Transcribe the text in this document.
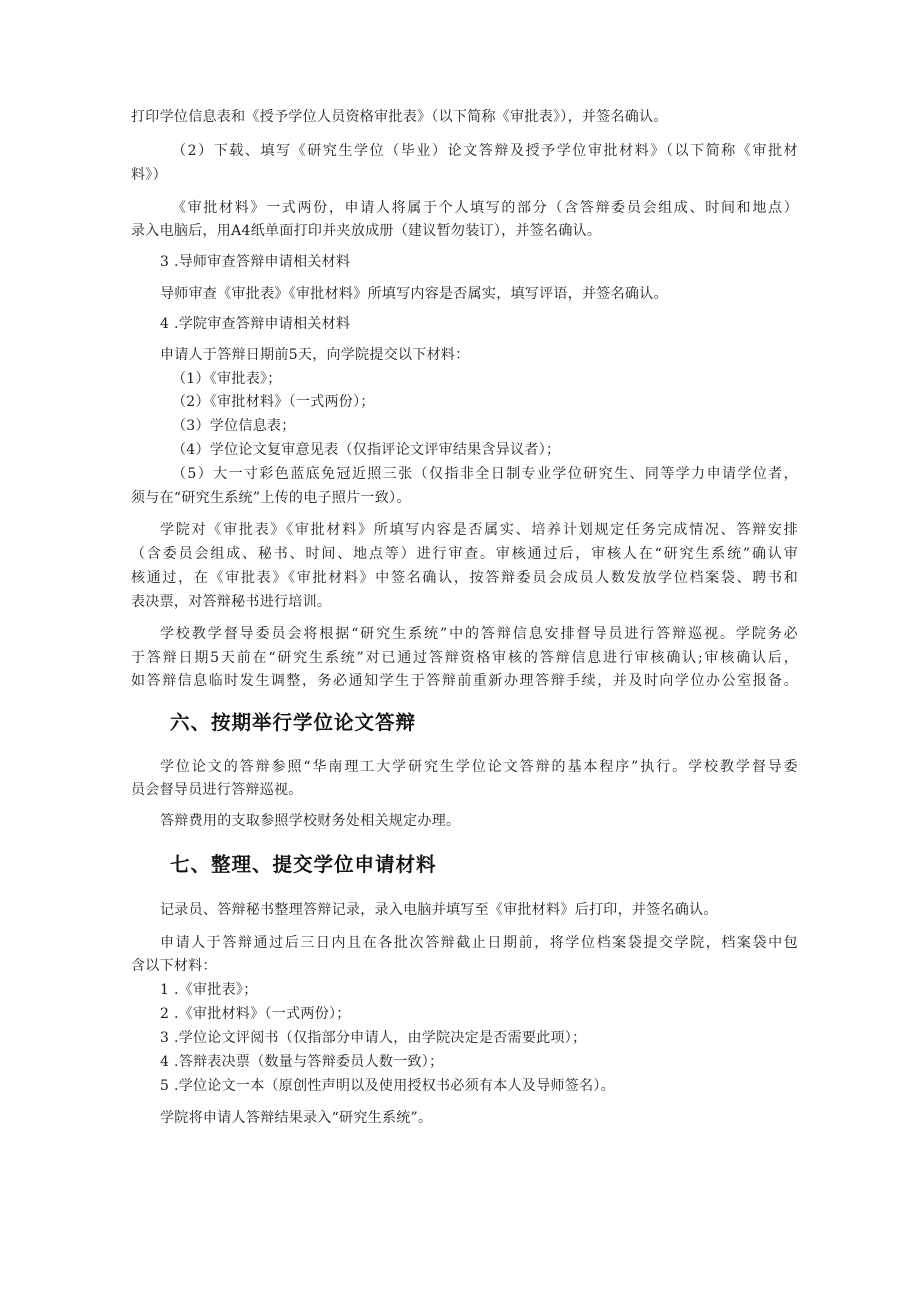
打印学位信息表和《授予学位人员资格审批表》（以下简称《审批表》），并签名确认。

（2）下载、填写《研究生学位（毕业）论文答辩及授予学位审批材料》（以下简称《审批材

料》）

《审批材料》一式两份，申请人将属于个人填写的部分（含答辩委员会组成、时间和地点）

录入电脑后，用A4纸单面打印并夹放成册（建议暂勿装订），并签名确认。

3 .导师审查答辩申请相关材料

导师审查《审批表》《审批材料》所填写内容是否属实，填写评语，并签名确认。

4 .学院审查答辩申请相关材料

申请人于答辩日期前5天，向学院提交以下材料：

（1）《审批表》；

（2）《审批材料》（一式两份）；

（3）学位信息表；

（4）学位论文复审意见表（仅指评论文评审结果含异议者）；

（5）大一寸彩色蓝底免冠近照三张（仅指非全日制专业学位研究生、同等学力申请学位者，

须与在“研究生系统”上传的电子照片一致）。

学院对《审批表》《审批材料》所填写内容是否属实、培养计划规定任务完成情况、答辩安排

（含委员会组成、秘书、时间、地点等）进行审查。审核通过后，审核人在“研究生系统”确认审

核通过，在《审批表》《审批材料》中签名确认，按答辩委员会成员人数发放学位档案袋、聘书和

表决票，对答辩秘书进行培训。

学校教学督导委员会将根据“研究生系统”中的答辩信息安排督导员进行答辩巡视。学院务必

于答辩日期5天前在“研究生系统”对已通过答辩资格审核的答辩信息进行审核确认;审核确认后，

如答辩信息临时发生调整，务必通知学生于答辩前重新办理答辩手续，并及时向学位办公室报备。

六、按期举行学位论文答辩

学位论文的答辩参照“华南理工大学研究生学位论文答辩的基本程序”执行。学校教学督导委

员会督导员进行答辩巡视。

答辩费用的支取参照学校财务处相关规定办理。

七、整理、提交学位申请材料

记录员、答辩秘书整理答辩记录，录入电脑并填写至《审批材料》后打印，并签名确认。

申请人于答辩通过后三日内且在各批次答辩截止日期前，将学位档案袋提交学院，档案袋中包

含以下材料：

1 .《审批表》；

2 .《审批材料》（一式两份）；

3 .学位论文评阅书（仅指部分申请人，由学院决定是否需要此项）；

4 .答辩表决票（数量与答辩委员人数一致）；

5 .学位论文一本（原创性声明以及使用授权书必须有本人及导师签名）。

学院将申请人答辩结果录入“研究生系统”。
